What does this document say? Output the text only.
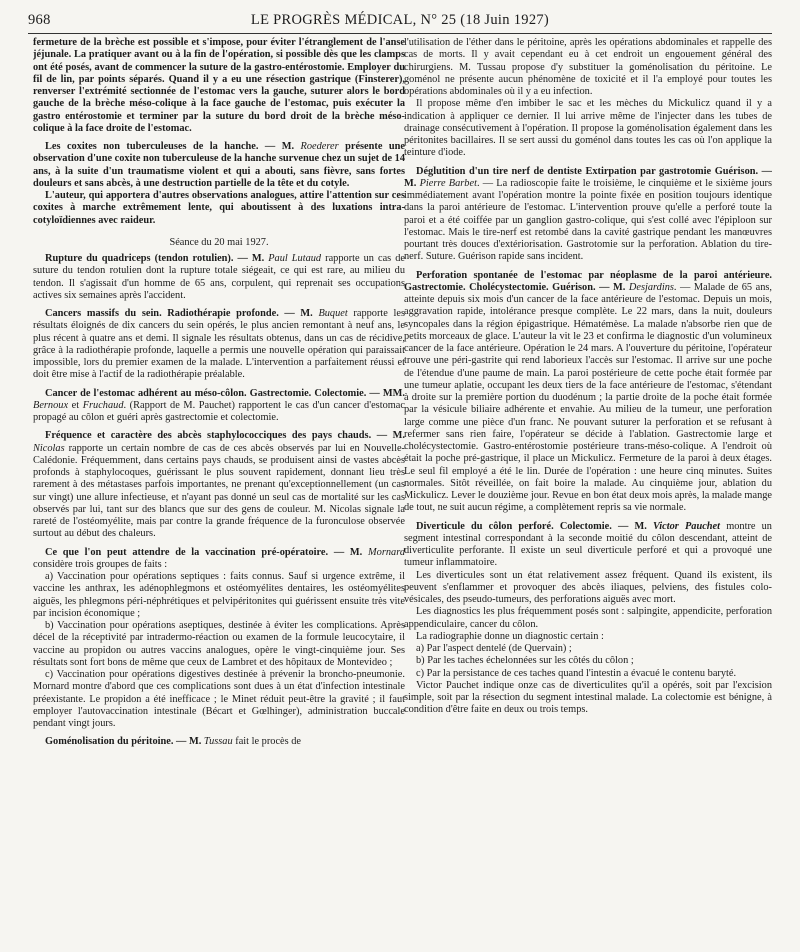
968	LE PROGRÈS MÉDICAL, N° 25 (18 Juin 1927)

fermeture de la brèche est possible et s'impose, pour éviter l'étranglement de l'anse jéjunale. La pratiquer avant ou à la fin de l'opération, si possible dès que les clamps ont été posés, avant de commencer la suture de la gastro-entérostomie. Employer du fil de lin, par points séparés. Quand il y a eu une résection gastrique (Finsterer), renverser l'extrémité sectionnée de l'estomac vers la gauche, suturer alors le bord gauche de la brèche méso-colique à la face gauche de l'estomac, puis exécuter la gastro entérostomie et terminer par la suture du bord droit de la brèche méso-colique à la face droite de l'estomac.

Les coxites non tuberculeuses de la hanche. — M. Roederer présente une observation d'une coxite non tuberculeuse de la hanche survenue chez un sujet de 14 ans, à la suite d'un traumatisme violent et qui a abouti, sans fièvre, sans fortes douleurs et sans abcès, à une destruction partielle de la tête et du cotyle.

L'auteur, qui apportera d'autres observations analogues, attire l'attention sur ces coxites à marche extrêmement lente, qui aboutissent à des luxations intra-cotyloïdiennes avec raideur.

Séance du 20 mai 1927.

Rupture du quadriceps (tendon rotulien). — M. Paul Lutaud rapporte un cas de suture du tendon rotulien dont la rupture totale siégeait, ce qui est rare, au milieu du tendon. Il s'agissait d'un homme de 65 ans, corpulent, qui reprenait ses occupations actives six semaines après l'accident.

Cancers massifs du sein. Radiothérapie profonde. — M. Buquet rapporte les résultats éloignés de dix cancers du sein opérés, le plus ancien remontant à neuf ans, le plus récent à quatre ans et demi. Il signale les résultats obtenus, dans un cas de récidive, grâce à la radiothérapie profonde, laquelle a permis une nouvelle opération qui paraissait impossible, lors du premier examen de la malade. L'intervention a parfaitement réussi et doit être mise à l'actif de la radiothérapie préalable.

Cancer de l'estomac adhérent au méso-côlon. Gastrectomie. Colectomie. — MM. Bernoux et Fruchaud. (Rapport de M. Pauchet) rapportent le cas d'un cancer d'estomac propagé au côlon et guéri après gastrectomie et colectomie.

Fréquence et caractère des abcès staphylococciques des pays chauds. — M. Nicolas rapporte un certain nombre de cas de ces abcès observés par lui en Nouvelle-Calédonie. Fréquemment, dans certains pays chauds, se produisent ainsi de vastes abcès profonds à staphylocoques, guérissant le plus souvent rapidement, donnant lieu très rarement à des métastases parfois importantes, ne prenant qu'exceptionnellement (un cas sur vingt) une allure infectieuse, et n'ayant pas donné un seul cas de mortalité sur les cas observés par lui, tant sur des blancs que sur des gens de couleur. M. Nicolas signale la rareté de l'ostéomyélite, mais par contre la grande fréquence de la furonculose observée surtout au début des chaleurs.

Ce que l'on peut attendre de la vaccination pré-opératoire. — M. Mornard considère trois groupes de faits :

a) Vaccination pour opérations septiques : faits connus. Sauf si urgence extrême, il vaccine les anthrax, les adénophlegmons et ostéomyélites dentaires, les ostéomyélites aiguës, les phlegmons péri-néphrétiques et pelvipéritonites qui guérissent ensuite très vite par incision économique ;

b) Vaccination pour opérations aseptiques, destinée à éviter les complications. Après décel de la réceptivité par intradermo-réaction ou examen de la formule leucocytaire, il vaccine au propidon ou autres vaccins analogues, opère le vingt-cinquième jour. Ses résultats sont fort bons de même que ceux de Lambret et des hôpitaux de Montevideo ;

c) Vaccination pour opérations digestives destinée à prévenir la broncho-pneumonie. Mornard montre d'abord que ces complications sont dues à un état d'infection intestinale préexistante. Le propidon a été inefficace ; le Minet réduit peut-être la gravité ; il faut employer l'autovaccination intestinale (Bécart et Gœlhinger), administration buccale pendant vingt jours.

Goménolisation du péritoine. — M. Tussau fait le procès de

l'utilisation de l'éther dans le péritoine, après les opérations abdominales et rappelle des cas de morts. Il y avait cependant eu à cet endroit un engouement général des chirurgiens. M. Tussau propose d'y substituer la goménolisation du péritoine. Le goménol ne présente aucun phénomène de toxicité et il l'a employé pour toutes les opérations abdominales où il y a eu infection.

Il propose même d'en imbiber le sac et les mèches du Mickulicz quand il y a indication à appliquer ce dernier. Il lui arrive même de l'injecter dans les tubes de drainage consécutivement à l'opération. Il propose la goménolisation également dans les péritonites bacillaires. Il se sert aussi du goménol dans toutes les cas où l'on applique la teinture d'iode.

Déglutition d'un tire nerf de dentiste Extirpation par gastrotomie Guérison. — M. Pierre Barbet. — La radioscopie faite le troisième, le cinquième et le sixième jours immédiatement avant l'opération montre la pointe fixée en position toujours identique dans la paroi antérieure de l'estomac. L'intervention prouve qu'elle a perforé toute la paroi et a été coiffée par un ganglion gastro-colique, qui s'est collé avec l'épiploon sur l'estomac. Mais le tire-nerf est retombé dans la cavité gastrique pendant les manœuvres pourtant très douces d'extériorisation. Gastrotomie sur la perforation. Ablation du tire-nerf. Suture. Guérison rapide sans incident.

Perforation spontanée de l'estomac par néoplasme de la paroi antérieure. Gastrectomie. Cholécystectomie. Guérison. — M. Desjardins. — Malade de 65 ans, atteinte depuis six mois d'un cancer de la face antérieure de l'estomac. Depuis un mois, aggravation rapide, intolérance presque complète. Le 22 mars, dans la nuit, douleurs syncopales dans la région épigastrique. Hématémèse. La malade n'absorbe rien que de petits morceaux de glace. L'auteur la vit le 23 et confirma le diagnostic d'un volumineux cancer de la face antérieure. Opération le 24 mars. A l'ouverture du péritoine, l'opérateur trouve une péri-gastrite qui rend laborieux l'accès sur l'estomac. Il arrive sur une poche de l'étendue d'une paume de main. La paroi postérieure de cette poche était formée par une tumeur aplatie, occupant les deux tiers de la face antérieure de l'estomac, s'étendant à droite sur la première portion du duodénum ; la partie droite de la poche était formée par la vésicule biliaire adhérente et envahie. Au milieu de la tumeur, une perforation large comme une pièce d'un franc. Ne pouvant suturer la perforation et se refusant à refermer sans rien faire, l'opérateur se décide à l'ablation. Gastrectomie large et cholécystectomie. Gastro-entérostomie postérieure trans-méso-colique. A l'endroit où était la poche pré-gastrique, il place un Mickulicz. Fermeture de la paroi à deux étages. Le seul fil employé a été le lin. Durée de l'opération : une heure cinq minutes. Suites normales. Sitôt réveillée, on fait boire la malade. Au cinquième jour, ablation du Mickulicz. Lever le douzième jour. Revue en bon état deux mois après, la malade mange de tout, ne suit aucun régime, a complètement repris sa vie normale.

Diverticule du côlon perforé. Colectomie. — M. Victor Pauchet montre un segment intestinal correspondant à la seconde moitié du côlon descendant, atteint de diverticulite perforante. Il existe un seul diverticule perforé et qui a provoqué une tumeur inflammatoire.

Les diverticules sont un état relativement assez fréquent. Quand ils existent, ils peuvent s'enflammer et provoquer des abcès iliaques, pelviens, des fistules colo-vésicales, des pseudo-tumeurs, des perforations aiguës avec mort.

Les diagnostics les plus fréquemment posés sont : salpingite, appendicite, perforation appendiculaire, cancer du côlon.

La radiographie donne un diagnostic certain :

a) Par l'aspect dentelé (de Quervain) ;

b) Par les taches échelonnées sur les côtés du côlon ;

c) Par la persistance de ces taches quand l'intestin a évacué le contenu baryté.

Victor Pauchet indique onze cas de diverticulites qu'il a opérés, soit par l'excision simple, soit par la résection du segment intestinal malade. La colectomie est bénigne, à condition d'être faite en deux ou trois temps.
